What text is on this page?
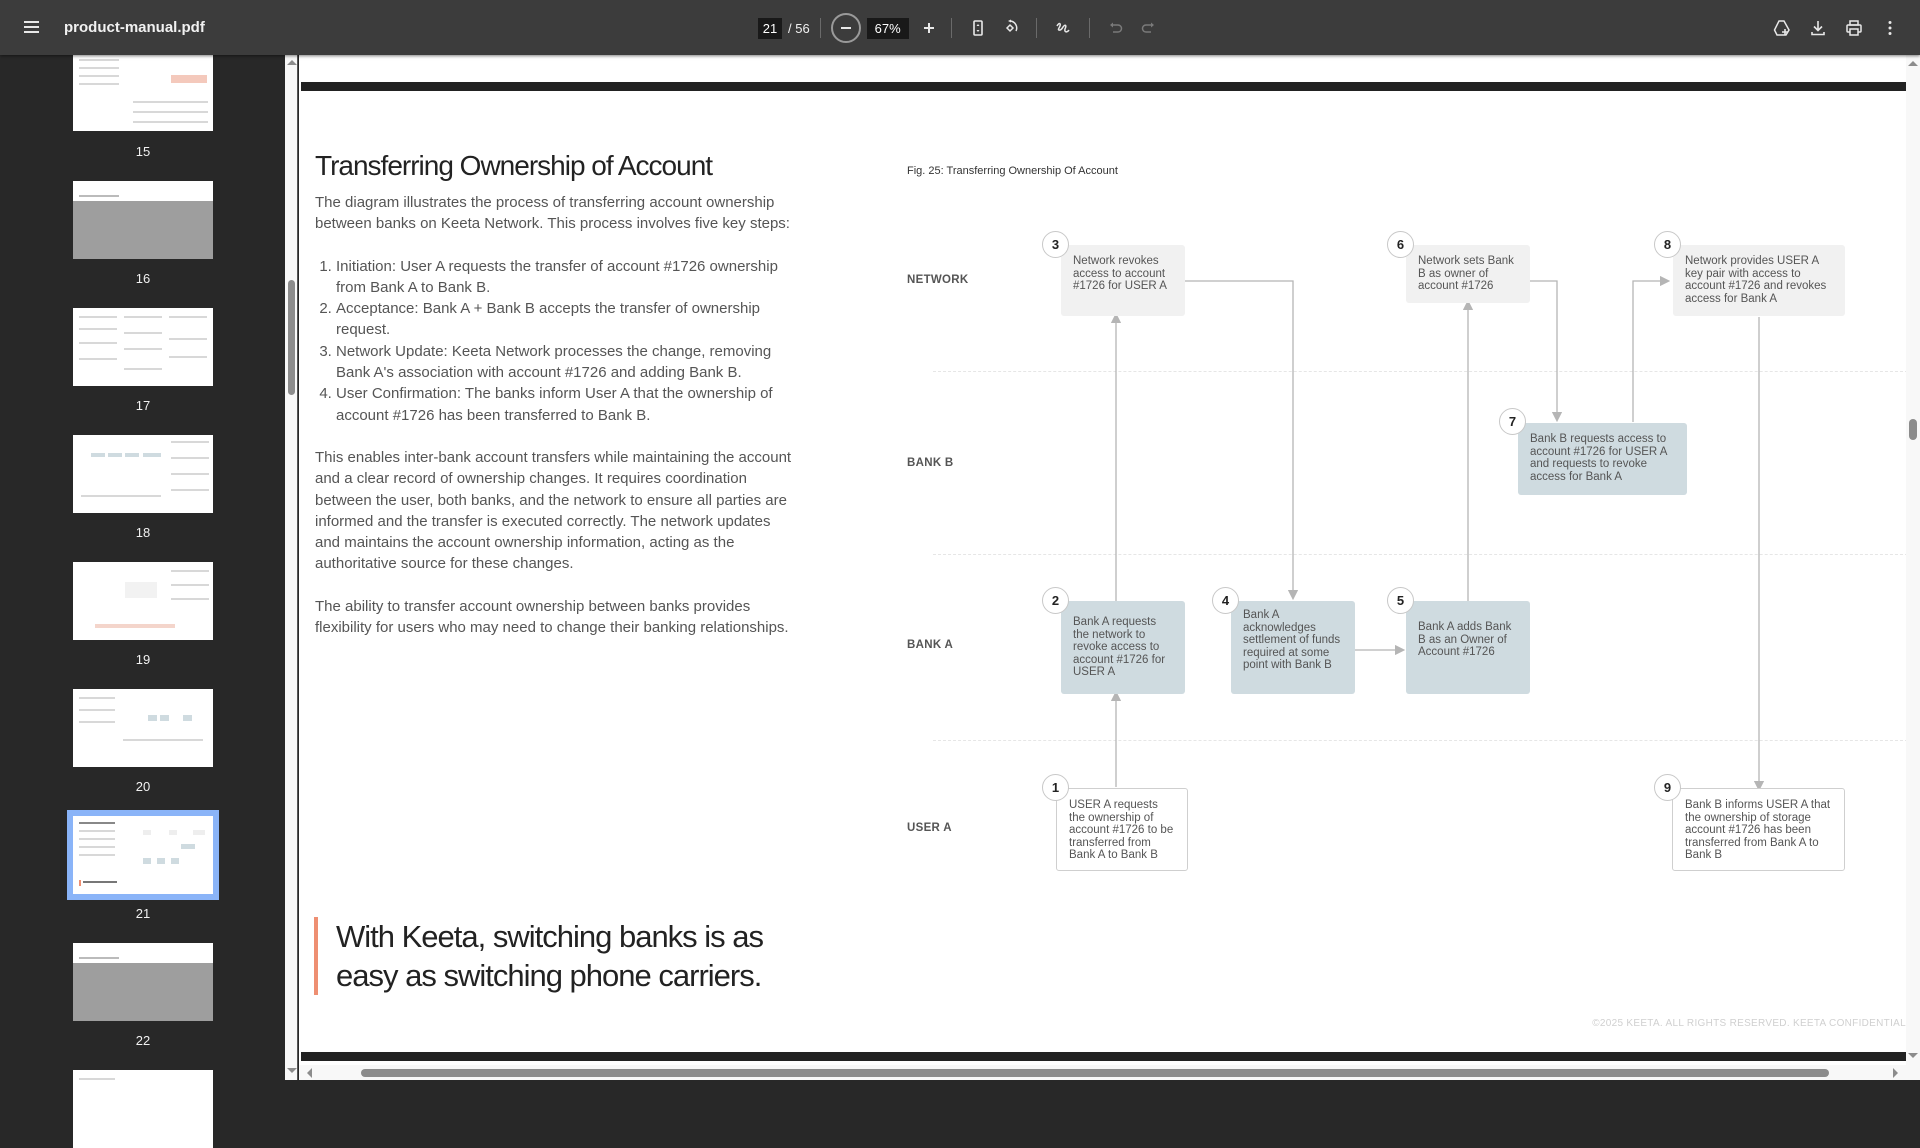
product-manual.pdf	21 / 56	67%
15
16
17
18
19
20
21
22
Transferring Ownership of Account

The diagram illustrates the process of transferring account ownership between banks on Keeta Network. This process involves five key steps:

1. Initiation: User A requests the transfer of account #1726 ownership from Bank A to Bank B.
2. Acceptance: Bank A + Bank B accepts the transfer of ownership request.
3. Network Update: Keeta Network processes the change, removing Bank A's association with account #1726 and adding Bank B.
4. User Confirmation: The banks inform User A that the ownership of account #1726 has been transferred to Bank B.

This enables inter-bank account transfers while maintaining the account and a clear record of ownership changes. It requires coordination between the user, both banks, and the network to ensure all parties are informed and the transfer is executed correctly. The network updates and maintains the account ownership information, acting as the authoritative source for these changes.

The ability to transfer account ownership between banks provides flexibility for users who may need to change their banking relationships.

With Keeta, switching banks is as easy as switching phone carriers.
Fig. 25: Transferring Ownership Of Account
NETWORK
BANK B
BANK A
USER A
Network revokes access to account #1726 for USER A
3
Network sets Bank B as owner of account #1726
6
Network provides USER A key pair with access to account #1726 and revokes access for Bank A
8
Bank B requests access to account #1726 for USER A and requests to revoke access for Bank A
7
Bank A requests the network to revoke access to account #1726 for USER A
2
Bank A acknowledges settlement of funds required at some point with Bank B
4
Bank A adds Bank B as an Owner of Account #1726
5
USER A requests the ownership of account #1726 to be transferred from Bank A to Bank B
1
Bank B informs USER A that the ownership of storage account #1726 has been transferred from Bank A to Bank B
9
©2025 KEETA. ALL RIGHTS RESERVED. KEETA CONFIDENTIAL
